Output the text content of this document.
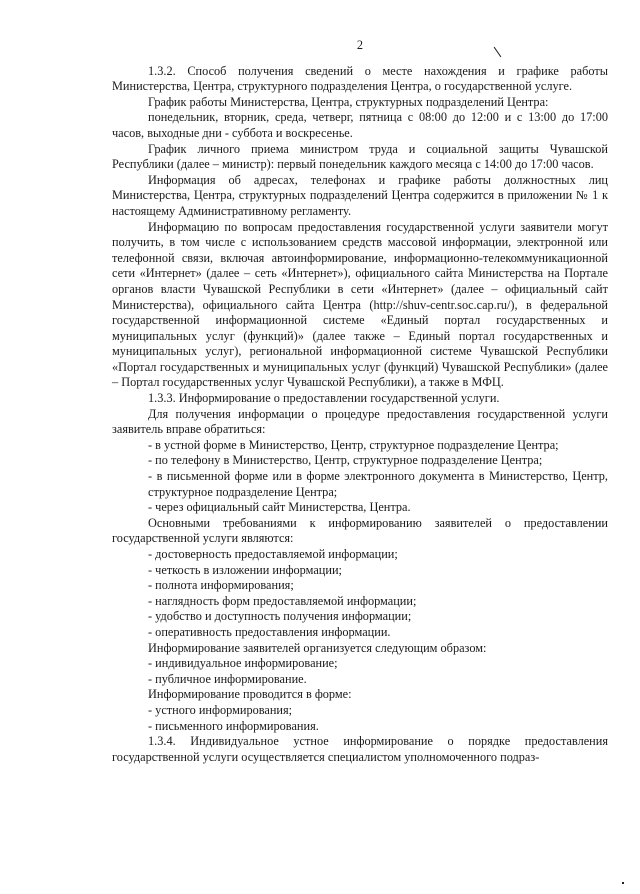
2

1.3.2. Способ получения сведений о месте нахождения и графике работы Министерства, Центра, структурного подразделения Центра, о государственной услуге.

График работы Министерства, Центра, структурных подразделений Центра:

понедельник, вторник, среда, четверг, пятница с 08:00 до 12:00 и с 13:00 до 17:00 часов, выходные дни - суббота и воскресенье.

График личного приема министром труда и социальной защиты Чувашской Республики (далее – министр): первый понедельник каждого месяца с 14:00 до 17:00 часов.

Информация об адресах, телефонах и графике работы должностных лиц Министерства, Центра, структурных подразделений Центра содержится в приложении № 1 к настоящему Административному регламенту.

Информацию по вопросам предоставления государственной услуги заявители могут получить, в том числе с использованием средств массовой информации, электронной или телефонной связи, включая автоинформирование, информационно-телекоммуникационной сети «Интернет» (далее – сеть «Интернет»), официального сайта Министерства на Портале органов власти Чувашской Республики в сети «Интернет» (далее – официальный сайт Министерства), официального сайта Центра (http://shuv-centr.soc.cap.ru/), в федеральной государственной информационной системе «Единый портал государственных и муниципальных услуг (функций)» (далее также – Единый портал государственных и муниципальных услуг), региональной информационной системе Чувашской Республики «Портал государственных и муниципальных услуг (функций) Чувашской Республики» (далее – Портал государственных услуг Чувашской Республики), а также в МФЦ.

1.3.3. Информирование о предоставлении государственной услуги.

Для получения информации о процедуре предоставления государственной услуги заявитель вправе обратиться:

- в устной форме в Министерство, Центр, структурное подразделение Центра;

- по телефону в Министерство, Центр, структурное подразделение Центра;

- в письменной форме или в форме электронного документа в Министерство, Центр, структурное подразделение Центра;

- через официальный сайт Министерства, Центра.

Основными требованиями к информированию заявителей о предоставлении государственной услуги являются:

- достоверность предоставляемой информации;

- четкость в изложении информации;

- полнота информирования;

- наглядность форм предоставляемой информации;

- удобство и доступность получения информации;

- оперативность предоставления информации.

Информирование заявителей организуется следующим образом:

- индивидуальное информирование;

- публичное информирование.

Информирование проводится в форме:

- устного информирования;

- письменного информирования.

1.3.4. Индивидуальное устное информирование о порядке предоставления государственной услуги осуществляется специалистом уполномоченного подраз-
